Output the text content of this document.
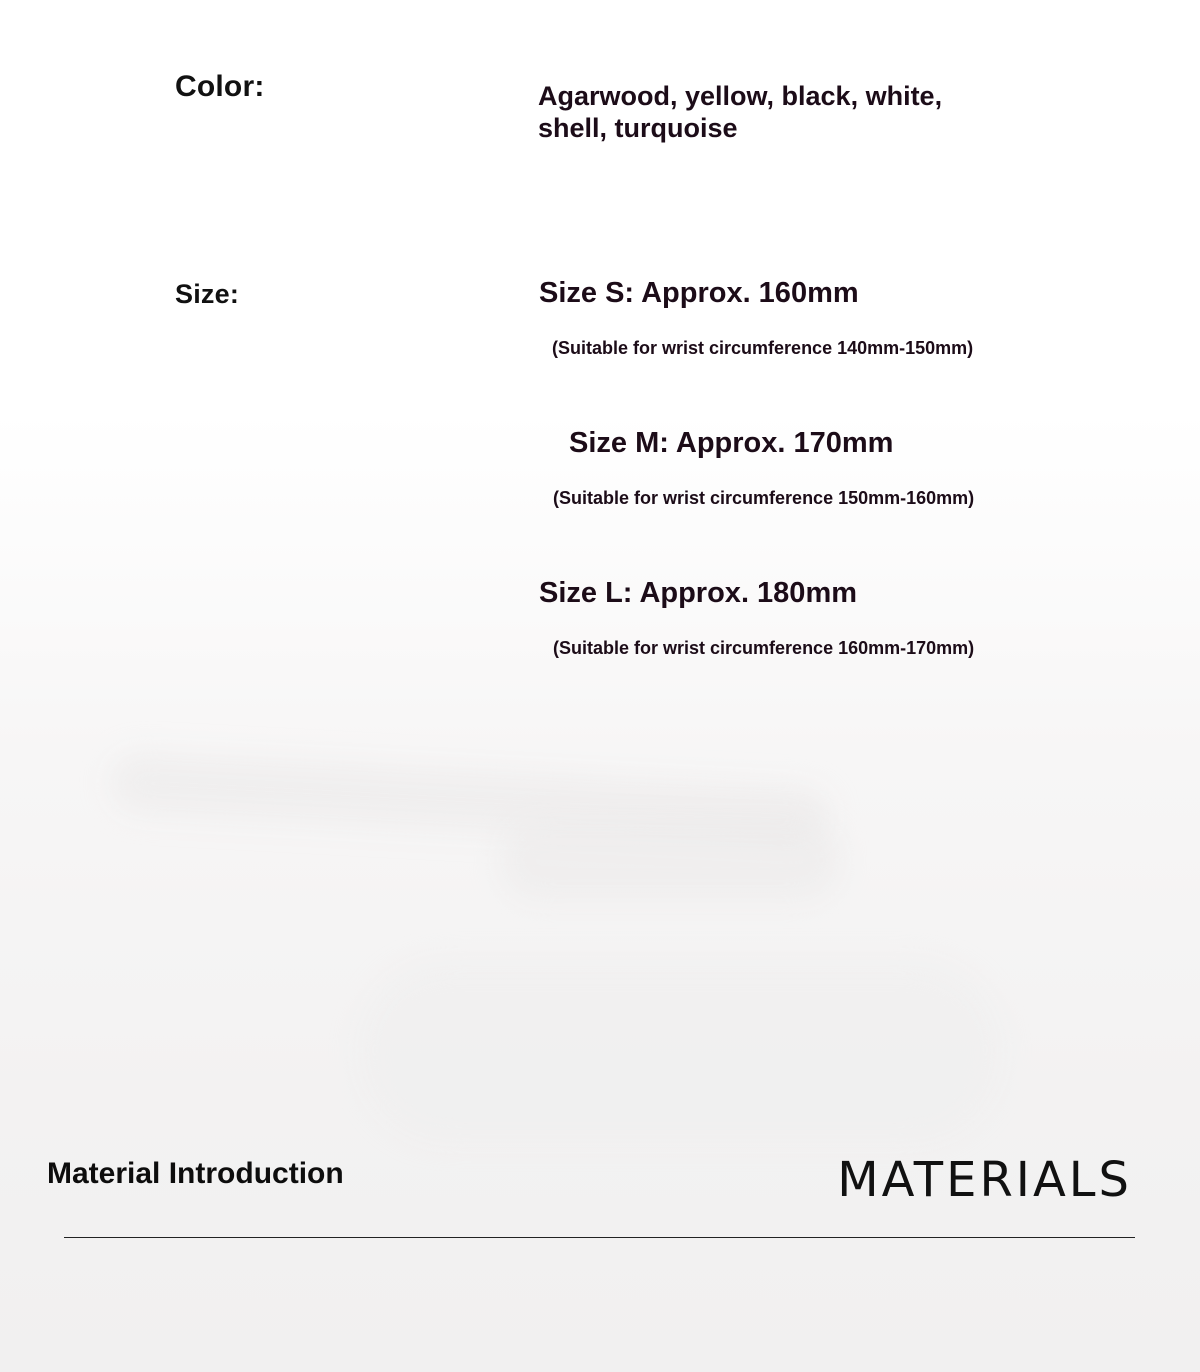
Color:	Agarwood, yellow, black, white, shell, turquoise
Size:	Size S: Approx. 160mm
(Suitable for wrist circumference 140mm-150mm)
Size M: Approx. 170mm
(Suitable for wrist circumference 150mm-160mm)
Size L: Approx. 180mm
(Suitable for wrist circumference 160mm-170mm)
Material Introduction	MATERIALS
